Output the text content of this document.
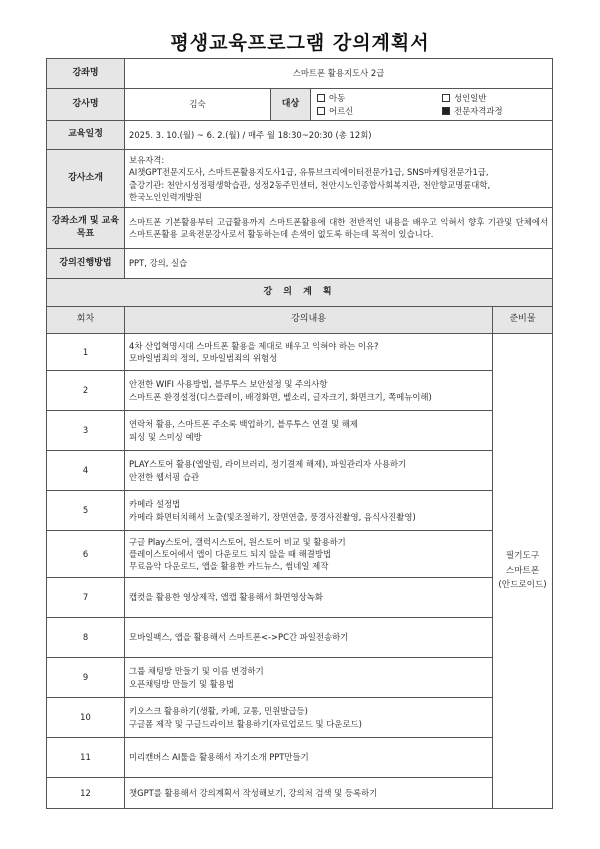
평생교육프로그램 강의계획서
강좌명	스마트폰 활용지도사 2급			
강사명	김숙	대상	아동
어르신
성인일반
전문자격과정	

교육일정	2025. 3. 10.(월) ~ 6. 2.(월) / 매주 월 18:30~20:30 (총 12회)			
강사소개	보유자격:
AI챗GPT전문지도사, 스마트폰활용지도사1급, 유튜브크리에이터전문가1급, SNS마케팅전문가1급,
출강기관: 천안시성정평생학습관, 성정2동주민센터, 천안시노인종합사회복지관, 천안향교명륜대학,
한국노인인력개발원			

강좌소개 및 교육목표	스마트폰 기본활용부터 고급활용까지 스마트폰활용에 대한 전반적인 내용을 배우고 익혀서 향후 기관및 단체에서 스마트폰활용 교육전문강사로서 활동하는데 손색이 없도록 하는데 목적이 있습니다.			
강의진행방법	PPT, 강의, 실습			
강 의 계 획				
회차	강의내용			준비물
1	4차 산업혁명시대 스마트폰 활용을 제대로 배우고 익혀야 하는 이유?
모바일범죄의 정의, 모바일범죄의 위험성			필기도구
스마트폰
(안드로이드)

2	안전한 WIFI 사용방법, 블루투스 보안설정 및 주의사항
스마트폰 환경설정(디스플레이, 배경화면, 벨소리, 글자크기, 화면크기, 쪽메뉴이해)			

3	연락처 활용, 스마트폰 주소록 백업하기, 블루투스 연결 및 해제
피싱 및 스미싱 예방			

4	PLAY스토어 활용(앱알림, 라이브러리, 정기결제 해제), 파일관리자 사용하기
안전한 웹서핑 습관			

5	카메라 설정법
카메라 화면터치해서 노출(빛조절하기, 장면연출, 풍경사진촬영, 음식사진촬영)			

6	구글 Play스토어, 갤럭시스토어, 원스토어 비교 및 활용하기
플레이스토어에서 앱이 다운로드 되지 않을 때 해결방법
무료음악 다운로드, 앱을 활용한 카드뉴스, 썸네일 제작			

7	캡컷을 활용한 영상제작, 앱캡 활용해서 화면영상녹화			

8	모바일팩스, 앱을 활용해서 스마트폰<->PC간 파일전송하기			

9	그룹 채팅방 만들기 및 이름 변경하기
오픈채팅방 만들기 및 활용법			

10	키오스크 활용하기(생활, 카페, 교통, 민원발급등)
구글폼 제작 및 구글드라이브 활용하기(자료업로드 및 다운로드)			

11	미리캔버스 AI툴을 활용해서 자기소개 PPT만들기			

12	챗GPT를 활용해서 강의계획서 작성해보기, 강의처 검색 및 등록하기			
